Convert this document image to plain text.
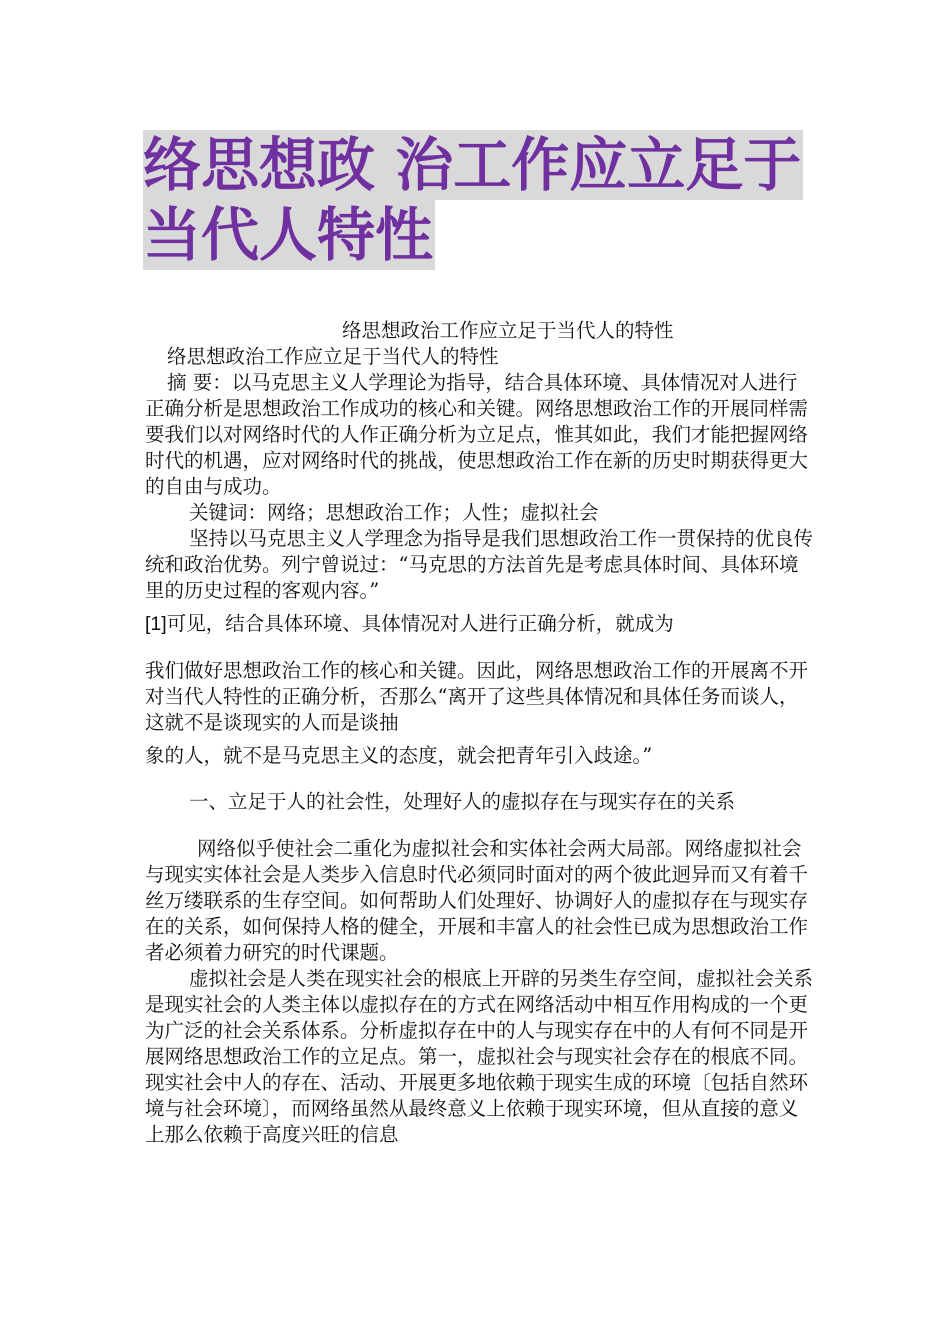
络思想政 治工作应立足于
当代人特性

络思想政治工作应立足于当代人的特性

络思想政治工作应立足于当代人的特性

摘 要：以马克思主义人学理论为指导，结合具体环境、具体情况对人进行正确分析是思想政治工作成功的核心和关键。网络思想政治工作的开展同样需要我们以对网络时代的人作正确分析为立足点，惟其如此，我们才能把握网络时代的机遇，应对网络时代的挑战，使思想政治工作在新的历史时期获得更大的自由与成功。

关键词：网络；思想政治工作；人性；虚拟社会

坚持以马克思主义人学理念为指导是我们思想政治工作一贯保持的优良传统和政治优势。列宁曾说过：“马克思的方法首先是考虑具体时间、具体环境里的历史过程的客观内容。”

[1]可见，结合具体环境、具体情况对人进行正确分析，就成为

我们做好思想政治工作的核心和关键。因此，网络思想政治工作的开展离不开对当代人特性的正确分析，否那么“离开了这些具体情况和具体任务而谈人，这就不是谈现实的人而是谈抽

象的人，就不是马克思主义的态度，就会把青年引入歧途。”

一、立足于人的社会性，处理好人的虚拟存在与现实存在的关系

网络似乎使社会二重化为虚拟社会和实体社会两大局部。网络虚拟社会与现实实体社会是人类步入信息时代必须同时面对的两个彼此迥异而又有着千丝万缕联系的生存空间。如何帮助人们处理好、协调好人的虚拟存在与现实存在的关系，如何保持人格的健全，开展和丰富人的社会性已成为思想政治工作者必须着力研究的时代课题。

虚拟社会是人类在现实社会的根底上开辟的另类生存空间，虚拟社会关系是现实社会的人类主体以虚拟存在的方式在网络活动中相互作用构成的一个更为广泛的社会关系体系。分析虚拟存在中的人与现实存在中的人有何不同是开展网络思想政治工作的立足点。第一，虚拟社会与现实社会存在的根底不同。现实社会中人的存在、活动、开展更多地依赖于现实生成的环境〔包括自然环境与社会环境〕，而网络虽然从最终意义上依赖于现实环境，但从直接的意义上那么依赖于高度兴旺的信息
